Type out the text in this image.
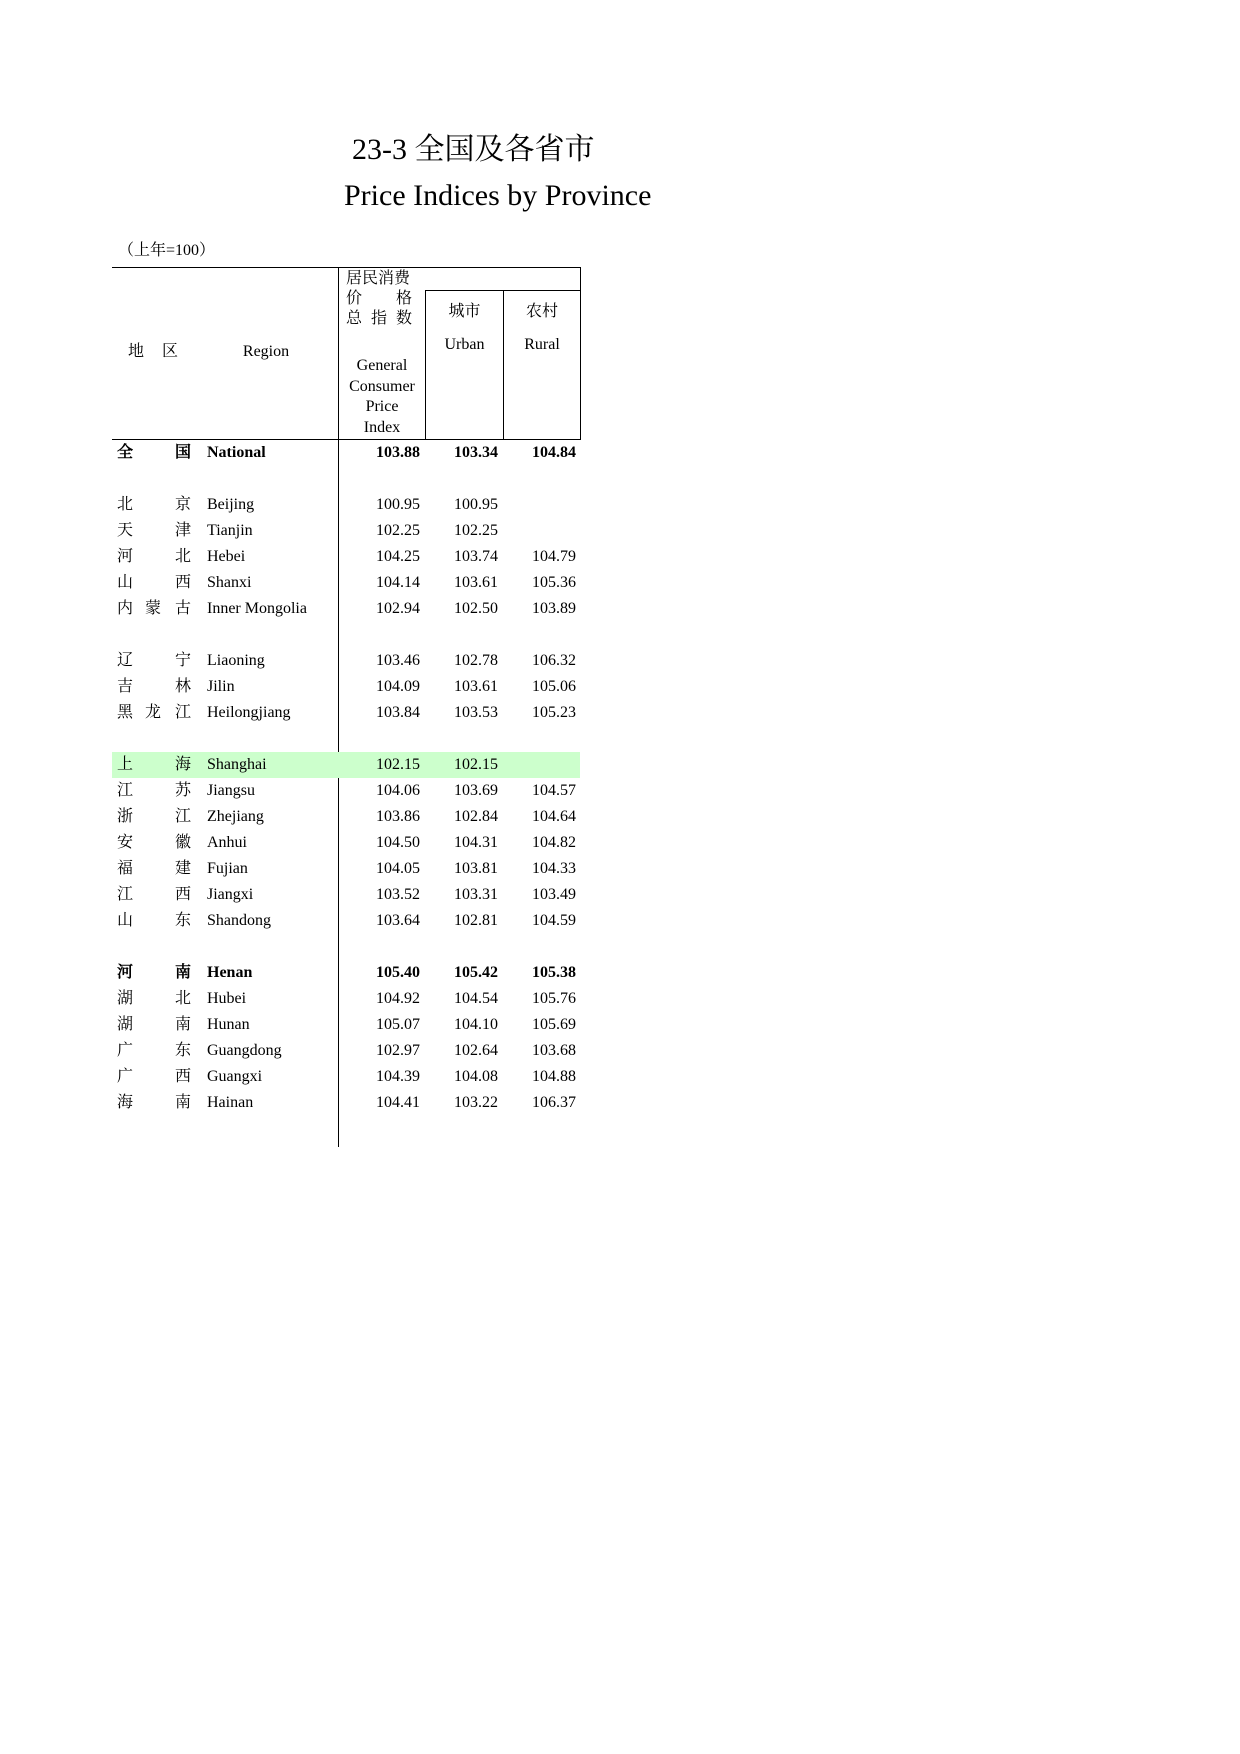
23-3 全国及各省市
Price Indices by Province
（上年=100）
地 区	Region
居民消费
价 格
总 指 数
General
Consumer
Price
Index
城市
Urban
农村
Rural
全	国 National	103.88	103.34	104.84
北	京 Beijing	100.95	100.95
天	津 Tianjin	102.25	102.25
河	北 Hebei	104.25	103.74	104.79
山	西 Shanxi	104.14	103.61	105.36
内 蒙 古 Inner Mongolia	102.94	102.50	103.89
辽	宁 Liaoning	103.46	102.78	106.32
吉	林 Jilin	104.09	103.61	105.06
黑 龙 江 Heilongjiang	103.84	103.53	105.23
上	海 Shanghai	102.15	102.15
江	苏 Jiangsu	104.06	103.69	104.57
浙	江 Zhejiang	103.86	102.84	104.64
安	徽 Anhui	104.50	104.31	104.82
福	建 Fujian	104.05	103.81	104.33
江	西 Jiangxi	103.52	103.31	103.49
山	东 Shandong	103.64	102.81	104.59
河	南 Henan	105.40	105.42	105.38
湖	北 Hubei	104.92	104.54	105.76
湖	南 Hunan	105.07	104.10	105.69
广	东 Guangdong	102.97	102.64	103.68
广	西 Guangxi	104.39	104.08	104.88
海	南 Hainan	104.41	103.22	106.37
